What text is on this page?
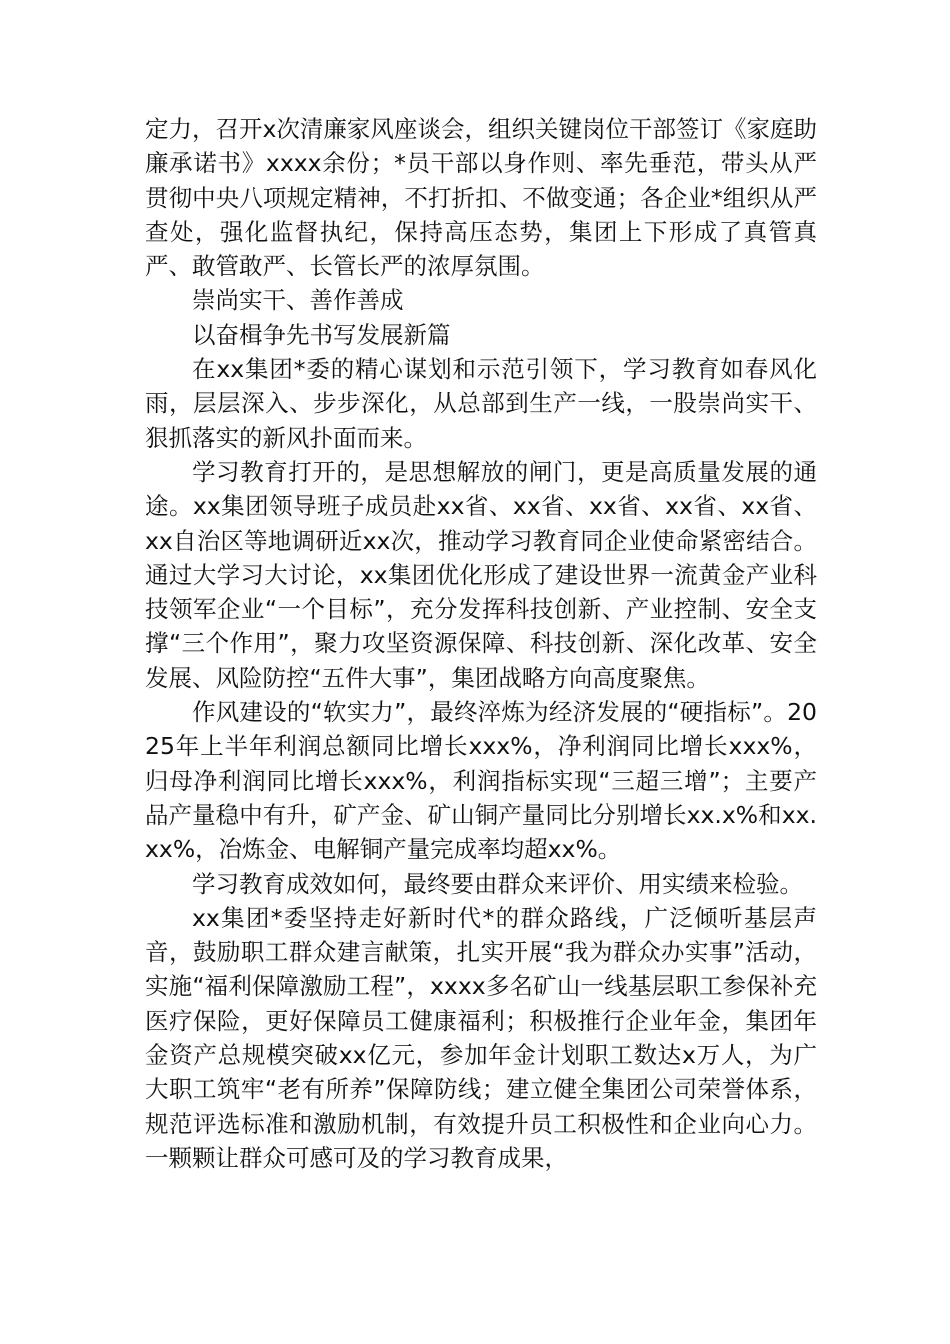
定力，召开x次清廉家风座谈会，组织关键岗位干部签订《家庭助廉承诺书》xxxx余份；*员干部以身作则、率先垂范，带头从严贯彻中央八项规定精神，不打折扣、不做变通；各企业*组织从严查处，强化监督执纪，保持高压态势，集团上下形成了真管真严、敢管敢严、长管长严的浓厚氛围。

崇尚实干、善作善成

以奋楫争先书写发展新篇

在xx集团*委的精心谋划和示范引领下，学习教育如春风化雨，层层深入、步步深化，从总部到生产一线，一股崇尚实干、狠抓落实的新风扑面而来。

学习教育打开的，是思想解放的闸门，更是高质量发展的通途。xx集团领导班子成员赴xx省、xx省、xx省、xx省、xx省、xx自治区等地调研近xx次，推动学习教育同企业使命紧密结合。通过大学习大讨论，xx集团优化形成了建设世界一流黄金产业科技领军企业“一个目标”，充分发挥科技创新、产业控制、安全支撑“三个作用”，聚力攻坚资源保障、科技创新、深化改革、安全发展、风险防控“五件大事”，集团战略方向高度聚焦。

作风建设的“软实力”，最终淬炼为经济发展的“硬指标”。2025年上半年利润总额同比增长xxx%，净利润同比增长xxx%，归母净利润同比增长xxx%，利润指标实现“三超三增”；主要产品产量稳中有升，矿产金、矿山铜产量同比分别增长xx.x%和xx.xx%，冶炼金、电解铜产量完成率均超xx%。

学习教育成效如何，最终要由群众来评价、用实绩来检验。

xx集团*委坚持走好新时代*的群众路线，广泛倾听基层声音，鼓励职工群众建言献策，扎实开展“我为群众办实事”活动，实施“福利保障激励工程”，xxxx多名矿山一线基层职工参保补充医疗保险，更好保障员工健康福利；积极推行企业年金，集团年金资产总规模突破xx亿元，参加年金计划职工数达x万人，为广大职工筑牢“老有所养”保障防线；建立健全集团公司荣誉体系，规范评选标准和激励机制，有效提升员工积极性和企业向心力。一颗颗让群众可感可及的学习教育成果，
